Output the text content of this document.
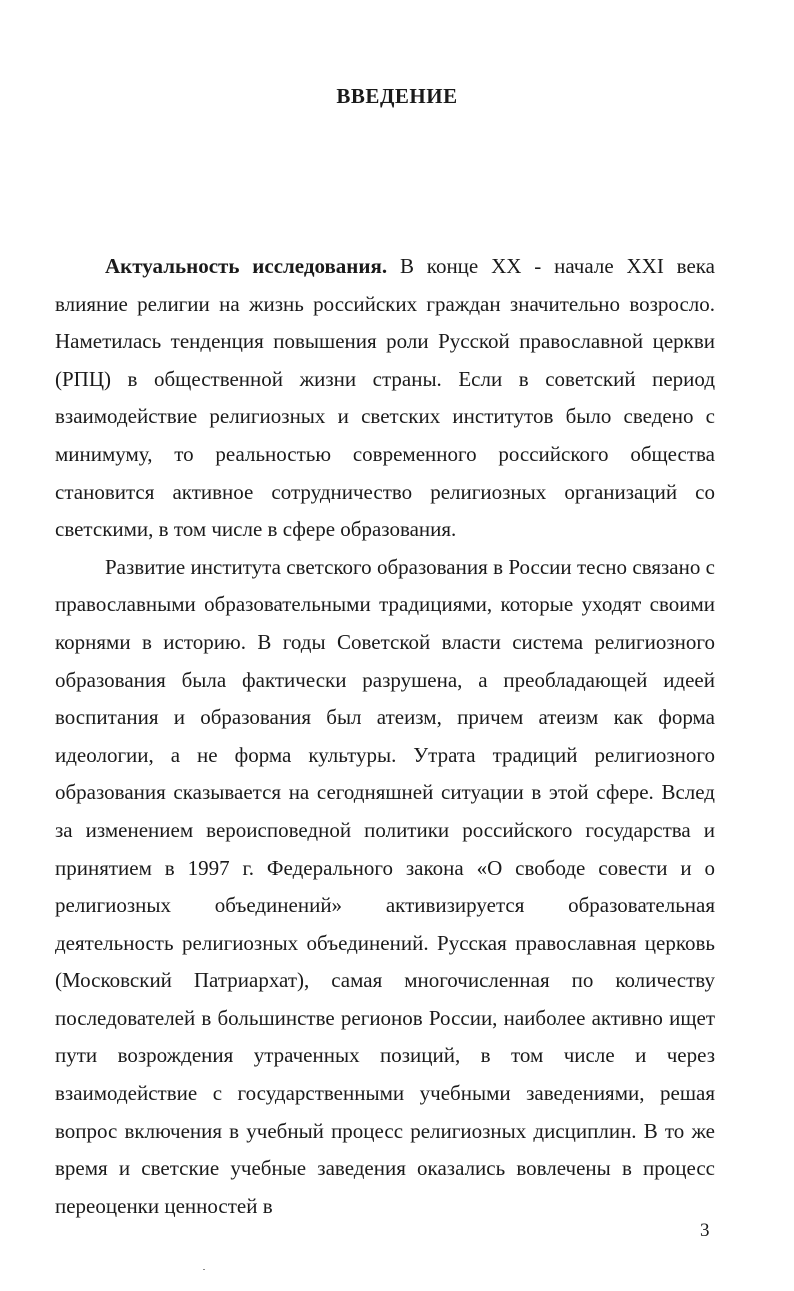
ВВЕДЕНИЕ

Актуальность исследования. В конце XX - начале XXI века влияние религии на жизнь российских граждан значительно возросло. Наметилась тенденция повышения роли Русской православной церкви (РПЦ) в общественной жизни страны. Если в советский период взаимодействие религиозных и светских институтов было сведено с минимуму, то реальностью современного российского общества становится активное сотрудничество религиозных организаций со светскими, в том числе в сфере образования.

Развитие института светского образования в России тесно связано с православными образовательными традициями, которые уходят своими корнями в историю. В годы Советской власти система религиозного образования была фактически разрушена, а преобладающей идеей воспитания и образования был атеизм, причем атеизм как форма идеологии, а не форма культуры. Утрата традиций религиозного образования сказывается на сегодняшней ситуации в этой сфере. Вслед за изменением вероисповедной политики российского государства и принятием в 1997 г. Федерального закона «О свободе совести и о религиозных объединений» активизируется образовательная деятельность религиозных объединений. Русская православная церковь (Московский Патриархат), самая многочисленная по количеству последователей в большинстве регионов России, наиболее активно ищет пути возрождения утраченных позиций, в том числе и через взаимодействие с государственными учебными заведениями, решая вопрос включения в учебный процесс религиозных дисциплин. В то же время и светские учебные заведения оказались вовлечены в процесс переоценки ценностей в

3
